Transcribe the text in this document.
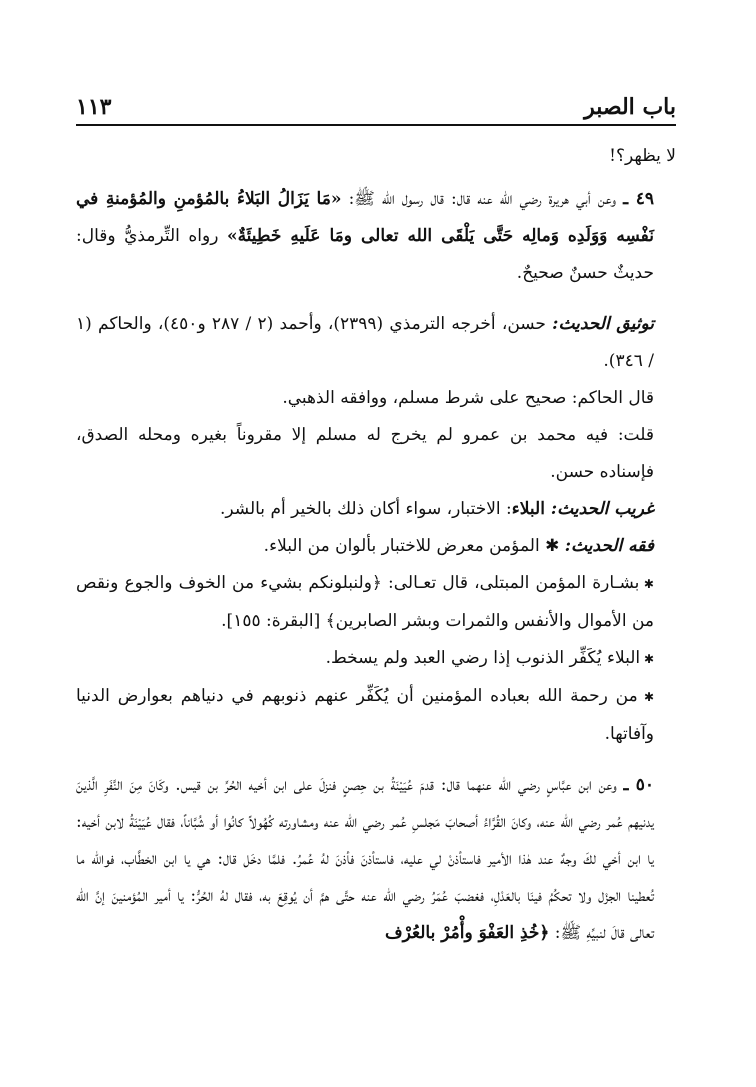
باب الصبر
١١٣

لا يظهر؟!

٤٩ ـ وعن أبي هريرة رضي الله عنه قال: قال رسول الله ﷺ: «مَا يَزَالُ البَلاءُ بالمُؤمنِ والمُؤمنةِ في نَفْسِه وَوَلَدِه وَمالِه حَتَّى يَلْقَى الله تعالى ومَا عَلَيهِ خَطِيئَةٌ» رواه التِّرمذيُّ وقال: حديثٌ حسنٌ صحيحٌ.

توثيق الحديث: حسن، أخرجه الترمذي (٢٣٩٩)، وأحمد (٢ / ٢٨٧ و٤٥٠)، والحاكم (١ / ٣٤٦).

قال الحاكم: صحيح على شرط مسلم، ووافقه الذهبي.

قلت: فيه محمد بن عمرو لم يخرج له مسلم إلا مقروناً بغيره ومحله الصدق، فإسناده حسن.

غريب الحديث: البلاء: الاختبار، سواء أكان ذلك بالخير أم بالشر.

فقه الحديث: ✱ المؤمن معرض للاختبار بألوان من البلاء.

✱ بشـارة المؤمن المبتلى، قال تعـالى: ﴿ولنبلونكم بشيء من الخوف والجوع ونقص من الأموال والأنفس والثمرات وبشر الصابرين﴾ [البقرة: ١٥٥].

✱ البلاء يُكَفِّر الذنوب إذا رضي العبد ولم يسخط.

✱ من رحمة الله بعباده المؤمنين أن يُكَفِّر عنهم ذنوبهم في دنياهم بعوارض الدنيا وآفاتها.

٥٠ ـ وعن ابن عبَّاسٍ رضي الله عنهما قال: قدمَ عُيَيْنَةُ بن حِصنٍ فنزلَ على ابن أخيه الحُرِّ بن قيس. وكَانَ مِنَ النَّفَرِ الَّذينَ يدنيهم عُمر رضي الله عنه، وكانَ القُرَّاءُ أصحابَ مَجلسِ عُمر رضي الله عنه ومشاورته كُهُولاً كانُوا أو شُبَّاناً، فقال عُيَيْنَةُ لابن أخيه: يا ابن أخي لكَ وجهٌ عند هٰذا الأمير فاستأذنْ لي عليه، فاستأذنَ فأذنَ لهُ عُمرُ. فلمَّا دخَل قال: هي يا ابن الخطَّاب، فوالله ما تُعطينا الجزْل ولا تحكُمُ فينَا بالعَدْلِ، فغضبَ عُمَرُ رضي الله عنه حتَّى همَّ أن يُوقِعَ به، فقال لهُ الحُرُّ: يا أمير المُؤمنينَ إنَّ الله تعالى قالَ لنبيِّهِ ﷺ: ﴿خُذِ العَفْوَ وأْمُرْ بالعُرْف
